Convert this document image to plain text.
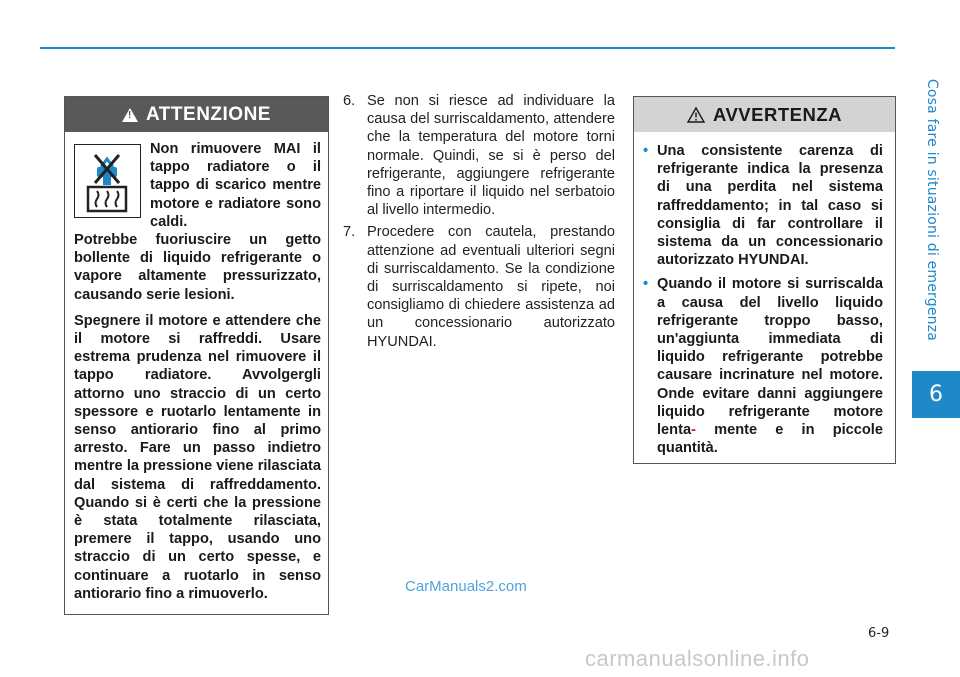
Cosa fare in situazioni di emergenza
6
!
ATTENZIONE

Non rimuovere MAI il tappo radiatore o il tappo di scarico mentre motore e radiatore sono caldi.

Potrebbe fuoriuscire un getto bollente di liquido refrigerante o vapore altamente pressurizzato, causando serie lesioni.

Spegnere il motore e attendere che il motore si raffreddi. Usare estrema prudenza nel rimuovere il tappo radiatore. Avvolgergli attorno uno straccio di un certo spessore e ruotarlo lentamente in senso antiorario fino al primo arresto. Fare un passo indietro mentre la pressione viene rilasciata dal sistema di raffreddamento. Quando si è certi che la pressione è stata totalmente rilasciata, premere il tappo, usando uno straccio di un certo spesse, e continuare a ruotarlo in senso antiorario fino a rimuoverlo.

6. Se non si riesce ad individuare la causa del surriscaldamento, attendere che la temperatura del motore torni normale. Quindi, se si è perso del refrigerante, aggiungere refrigerante fino a riportare il liquido nel serbatoio al livello intermedio.
7. Procedere con cautela, prestando attenzione ad eventuali ulteriori segni di surriscaldamento. Se la condizione di surriscaldamento si ripete, noi consigliamo di chiedere assistenza ad un concessionario autorizzato HYUNDAI.
AVVERTENZA
• Una consistente carenza di refrigerante indica la presenza di una perdita nel sistema raffreddamento; in tal caso si consiglia di far controllare il sistema da un concessionario autorizzato HYUNDAI.
• Quando il motore si surriscalda a causa del livello liquido refrigerante troppo basso, un'aggiunta immediata di liquido refrigerante potrebbe causare incrinature nel motore. Onde evitare danni aggiungere liquido refrigerante motore lenta- mente e in piccole quantità.
CarManuals2.com
6-9
carmanualsonline.info
